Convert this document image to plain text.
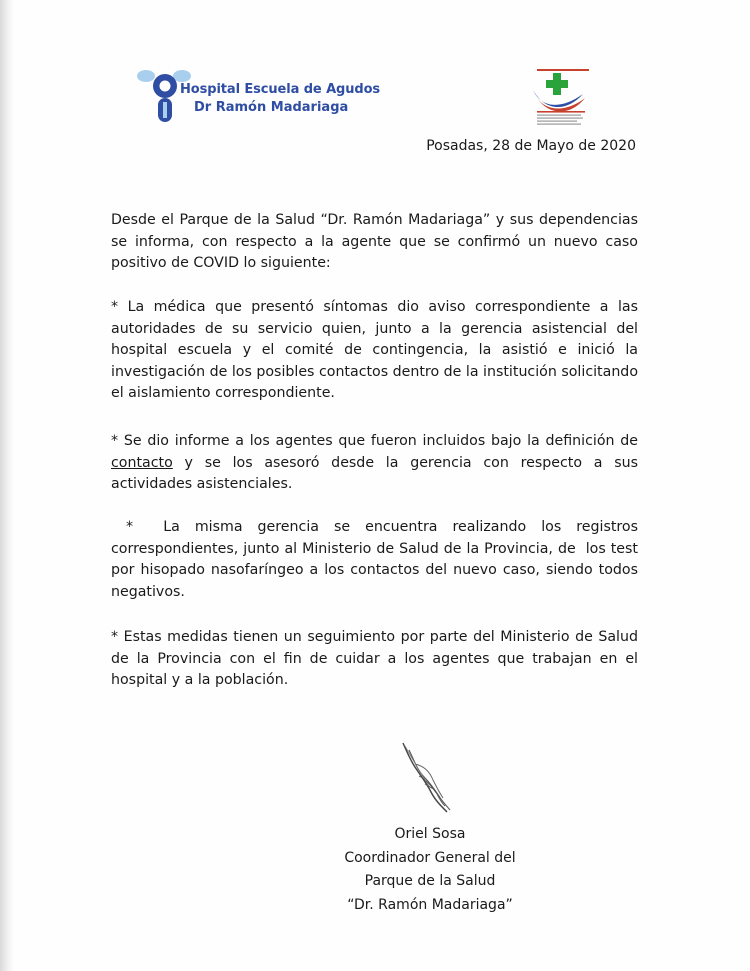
Hospital Escuela de Agudos
Dr Ramón Madariaga
Posadas, 28 de Mayo de 2020

Desde el Parque de la Salud “Dr. Ramón Madariaga” y sus dependencias se informa, con respecto a la agente que se confirmó un nuevo caso positivo de COVID lo siguiente:

* La médica que presentó síntomas dio aviso correspondiente a las autoridades de su servicio quien, junto a la gerencia asistencial del hospital escuela y el comité de contingencia, la asistió e inició la investigación de los posibles contactos dentro de la institución solicitando el aislamiento correspondiente.

* Se dio informe a los agentes que fueron incluidos bajo la definición de contacto y se los asesoró desde la gerencia con respecto a sus actividades asistenciales.

*  La misma gerencia se encuentra realizando los registros correspondientes, junto al Ministerio de Salud de la Provincia, de  los test por hisopado nasofaríngeo a los contactos del nuevo caso, siendo todos negativos.

* Estas medidas tienen un seguimiento por parte del Ministerio de Salud de la Provincia con el fin de cuidar a los agentes que trabajan en el hospital y a la población.

Oriel Sosa
Coordinador General del
Parque de la Salud
“Dr. Ramón Madariaga”
